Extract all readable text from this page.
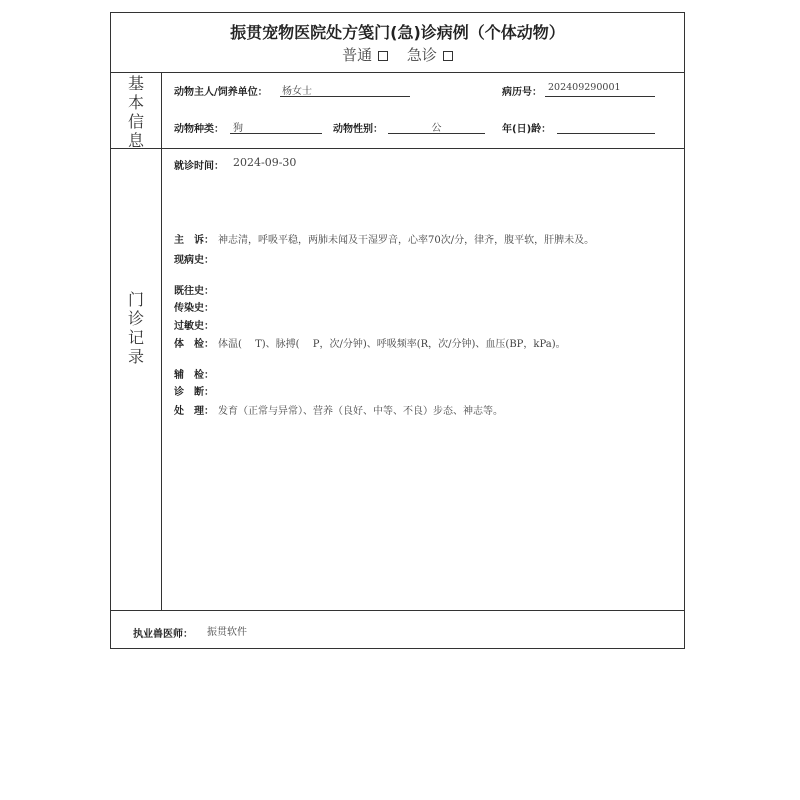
振贯宠物医院处方笺门(急)诊病例（个体动物）
普通 急诊
基本信息
动物主人/饲养单位： 杨女士	病历号： 202409290001
动物种类： 狗	动物性别：	公	年(日)龄：
门诊记录
就诊时间： 2024-09-30
主　诉： 神志清，呼吸平稳，两肺未闻及干湿罗音，心率70次/分，律齐，腹平软，肝脾未及。
现病史：
既往史：
传染史：
过敏史：
体　检： 体温(　 T)、脉搏(　 P，次/分钟)、呼吸频率(R，次/分钟)、血压(BP，kPa)。
辅　检：
诊　断：
处　理： 发育（正常与异常）、营养（良好、中等、不良）步态、神志等。
执业兽医师： 振贯软件
